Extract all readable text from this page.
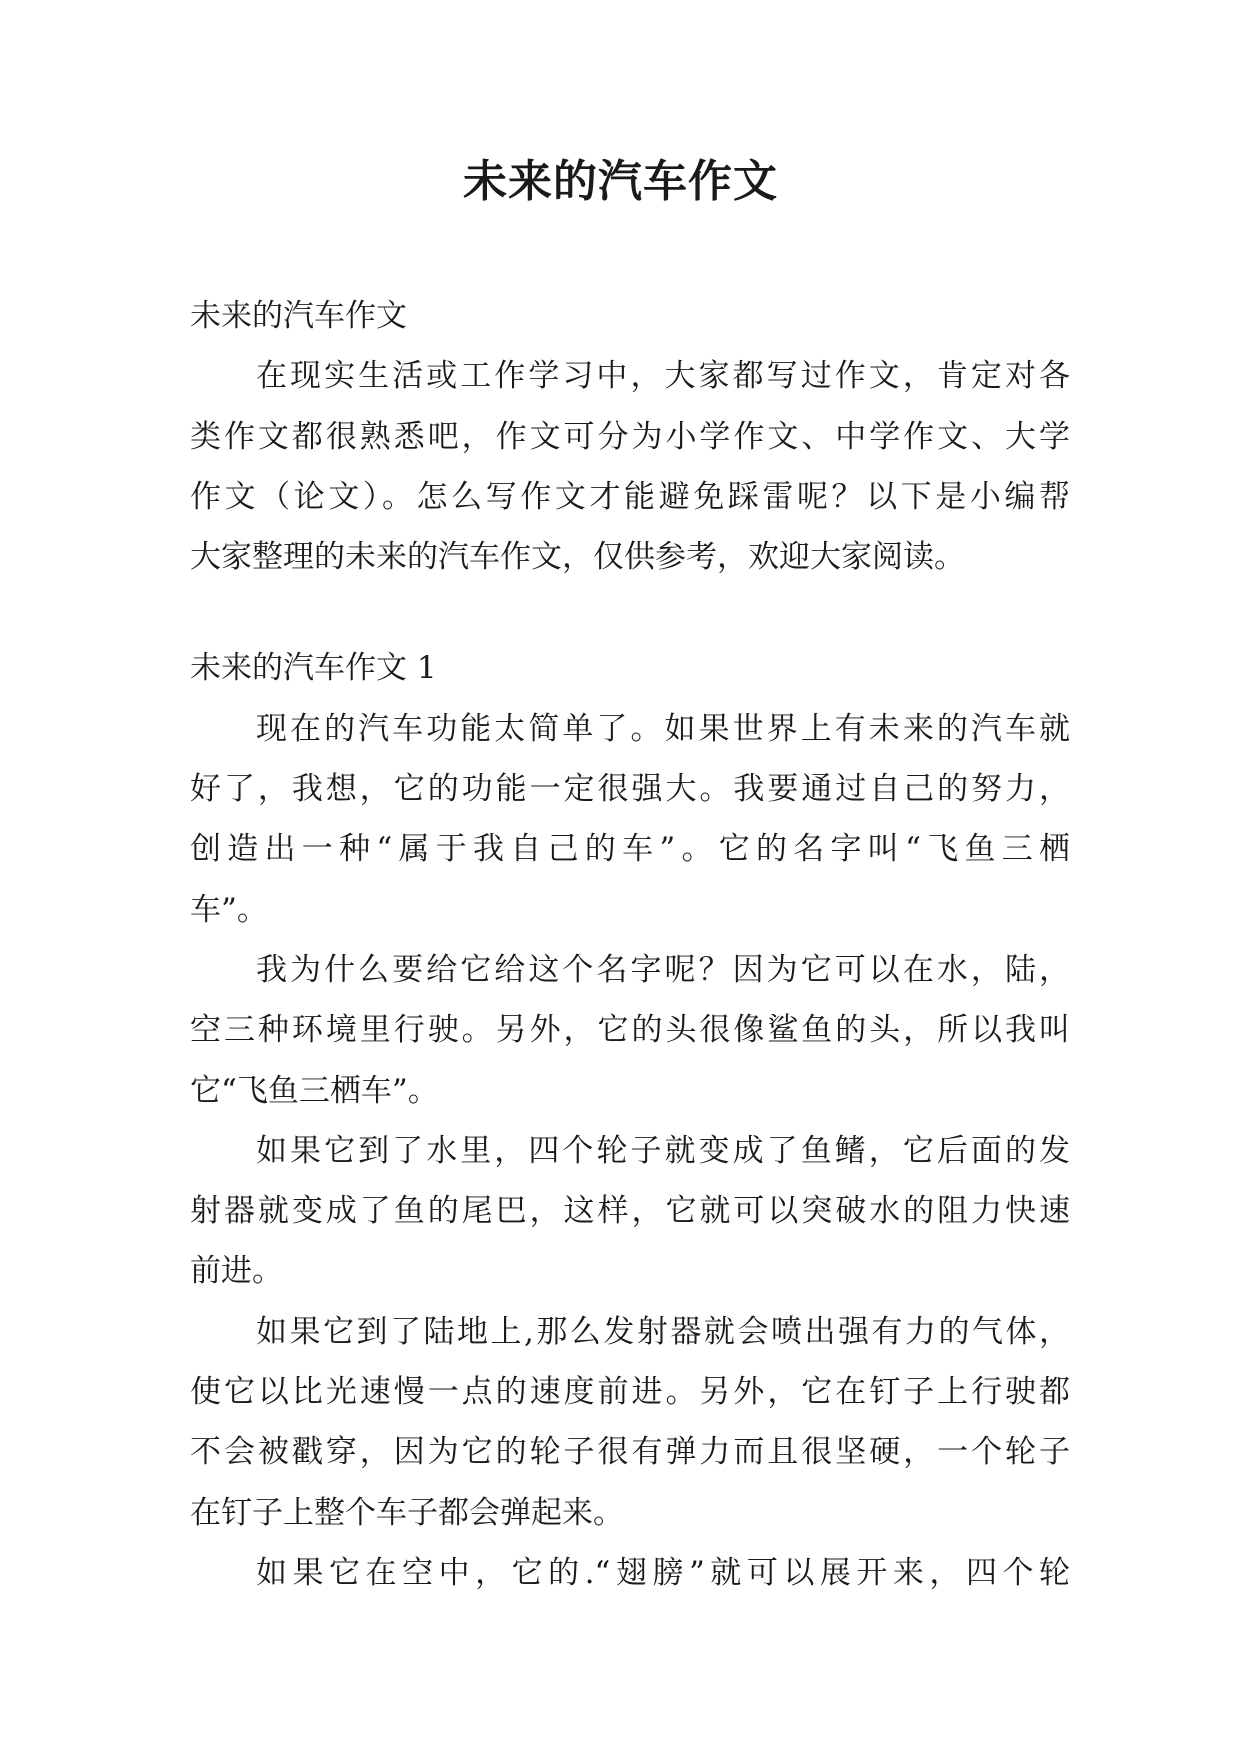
未来的汽车作文
未来的汽车作文
在现实生活或工作学习中，大家都写过作文，肯定对各
类作文都很熟悉吧，作文可分为小学作文、中学作文、大学
作文（论文）。怎么写作文才能避免踩雷呢？以下是小编帮
大家整理的未来的汽车作文，仅供参考，欢迎大家阅读。
未来的汽车作文 1
现在的汽车功能太简单了。如果世界上有未来的汽车就
好了，我想，它的功能一定很强大。我要通过自己的努力，
创造出一种“属于我自己的车”。它的名字叫“飞鱼三栖
车”。
我为什么要给它给这个名字呢？因为它可以在水，陆，
空三种环境里行驶。另外，它的头很像鲨鱼的头，所以我叫
它“飞鱼三栖车”。
如果它到了水里，四个轮子就变成了鱼鳍，它后面的发
射器就变成了鱼的尾巴，这样，它就可以突破水的阻力快速
前进。
如果它到了陆地上,那么发射器就会喷出强有力的气体，
使它以比光速慢一点的速度前进。另外，它在钉子上行驶都
不会被戳穿，因为它的轮子很有弹力而且很坚硬，一个轮子
在钉子上整个车子都会弹起来。
如果它在空中，它的.“翅膀”就可以展开来，四个轮
